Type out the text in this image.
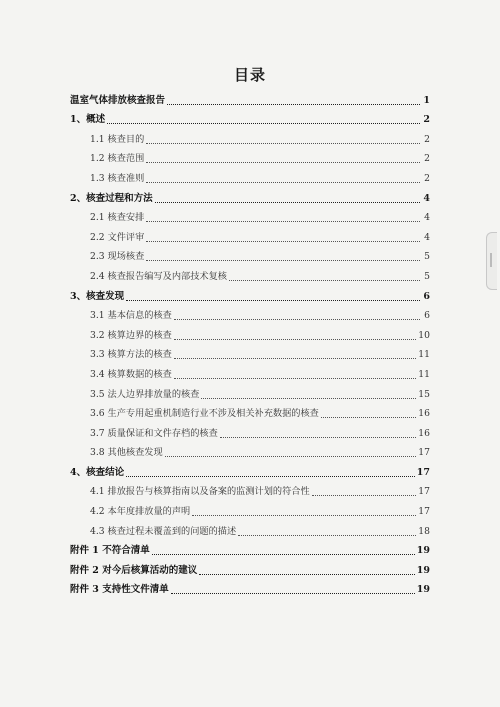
目录
温室气体排放核查报告	1
1、概述	2
1.1 核查目的	2
1.2 核查范围	2
1.3 核查准则	2
2、核查过程和方法	4
2.1 核查安排	4
2.2 文件评审	4
2.3 现场核查	5
2.4 核查报告编写及内部技术复核	5
3、核查发现	6
3.1 基本信息的核查	6
3.2 核算边界的核查	10
3.3 核算方法的核查	11
3.4 核算数据的核查	11
3.5 法人边界排放量的核查	15
3.6 生产专用起重机制造行业不涉及相关补充数据的核查	16
3.7 质量保证和文件存档的核查	16
3.8 其他核查发现	17
4、核查结论	17
4.1 排放报告与核算指南以及备案的监测计划的符合性	17
4.2 本年度排放量的声明	17
4.3 核查过程未覆盖到的问题的描述	18
附件 1 不符合清单	19
附件 2 对今后核算活动的建议	19
附件 3 支持性文件清单	19
